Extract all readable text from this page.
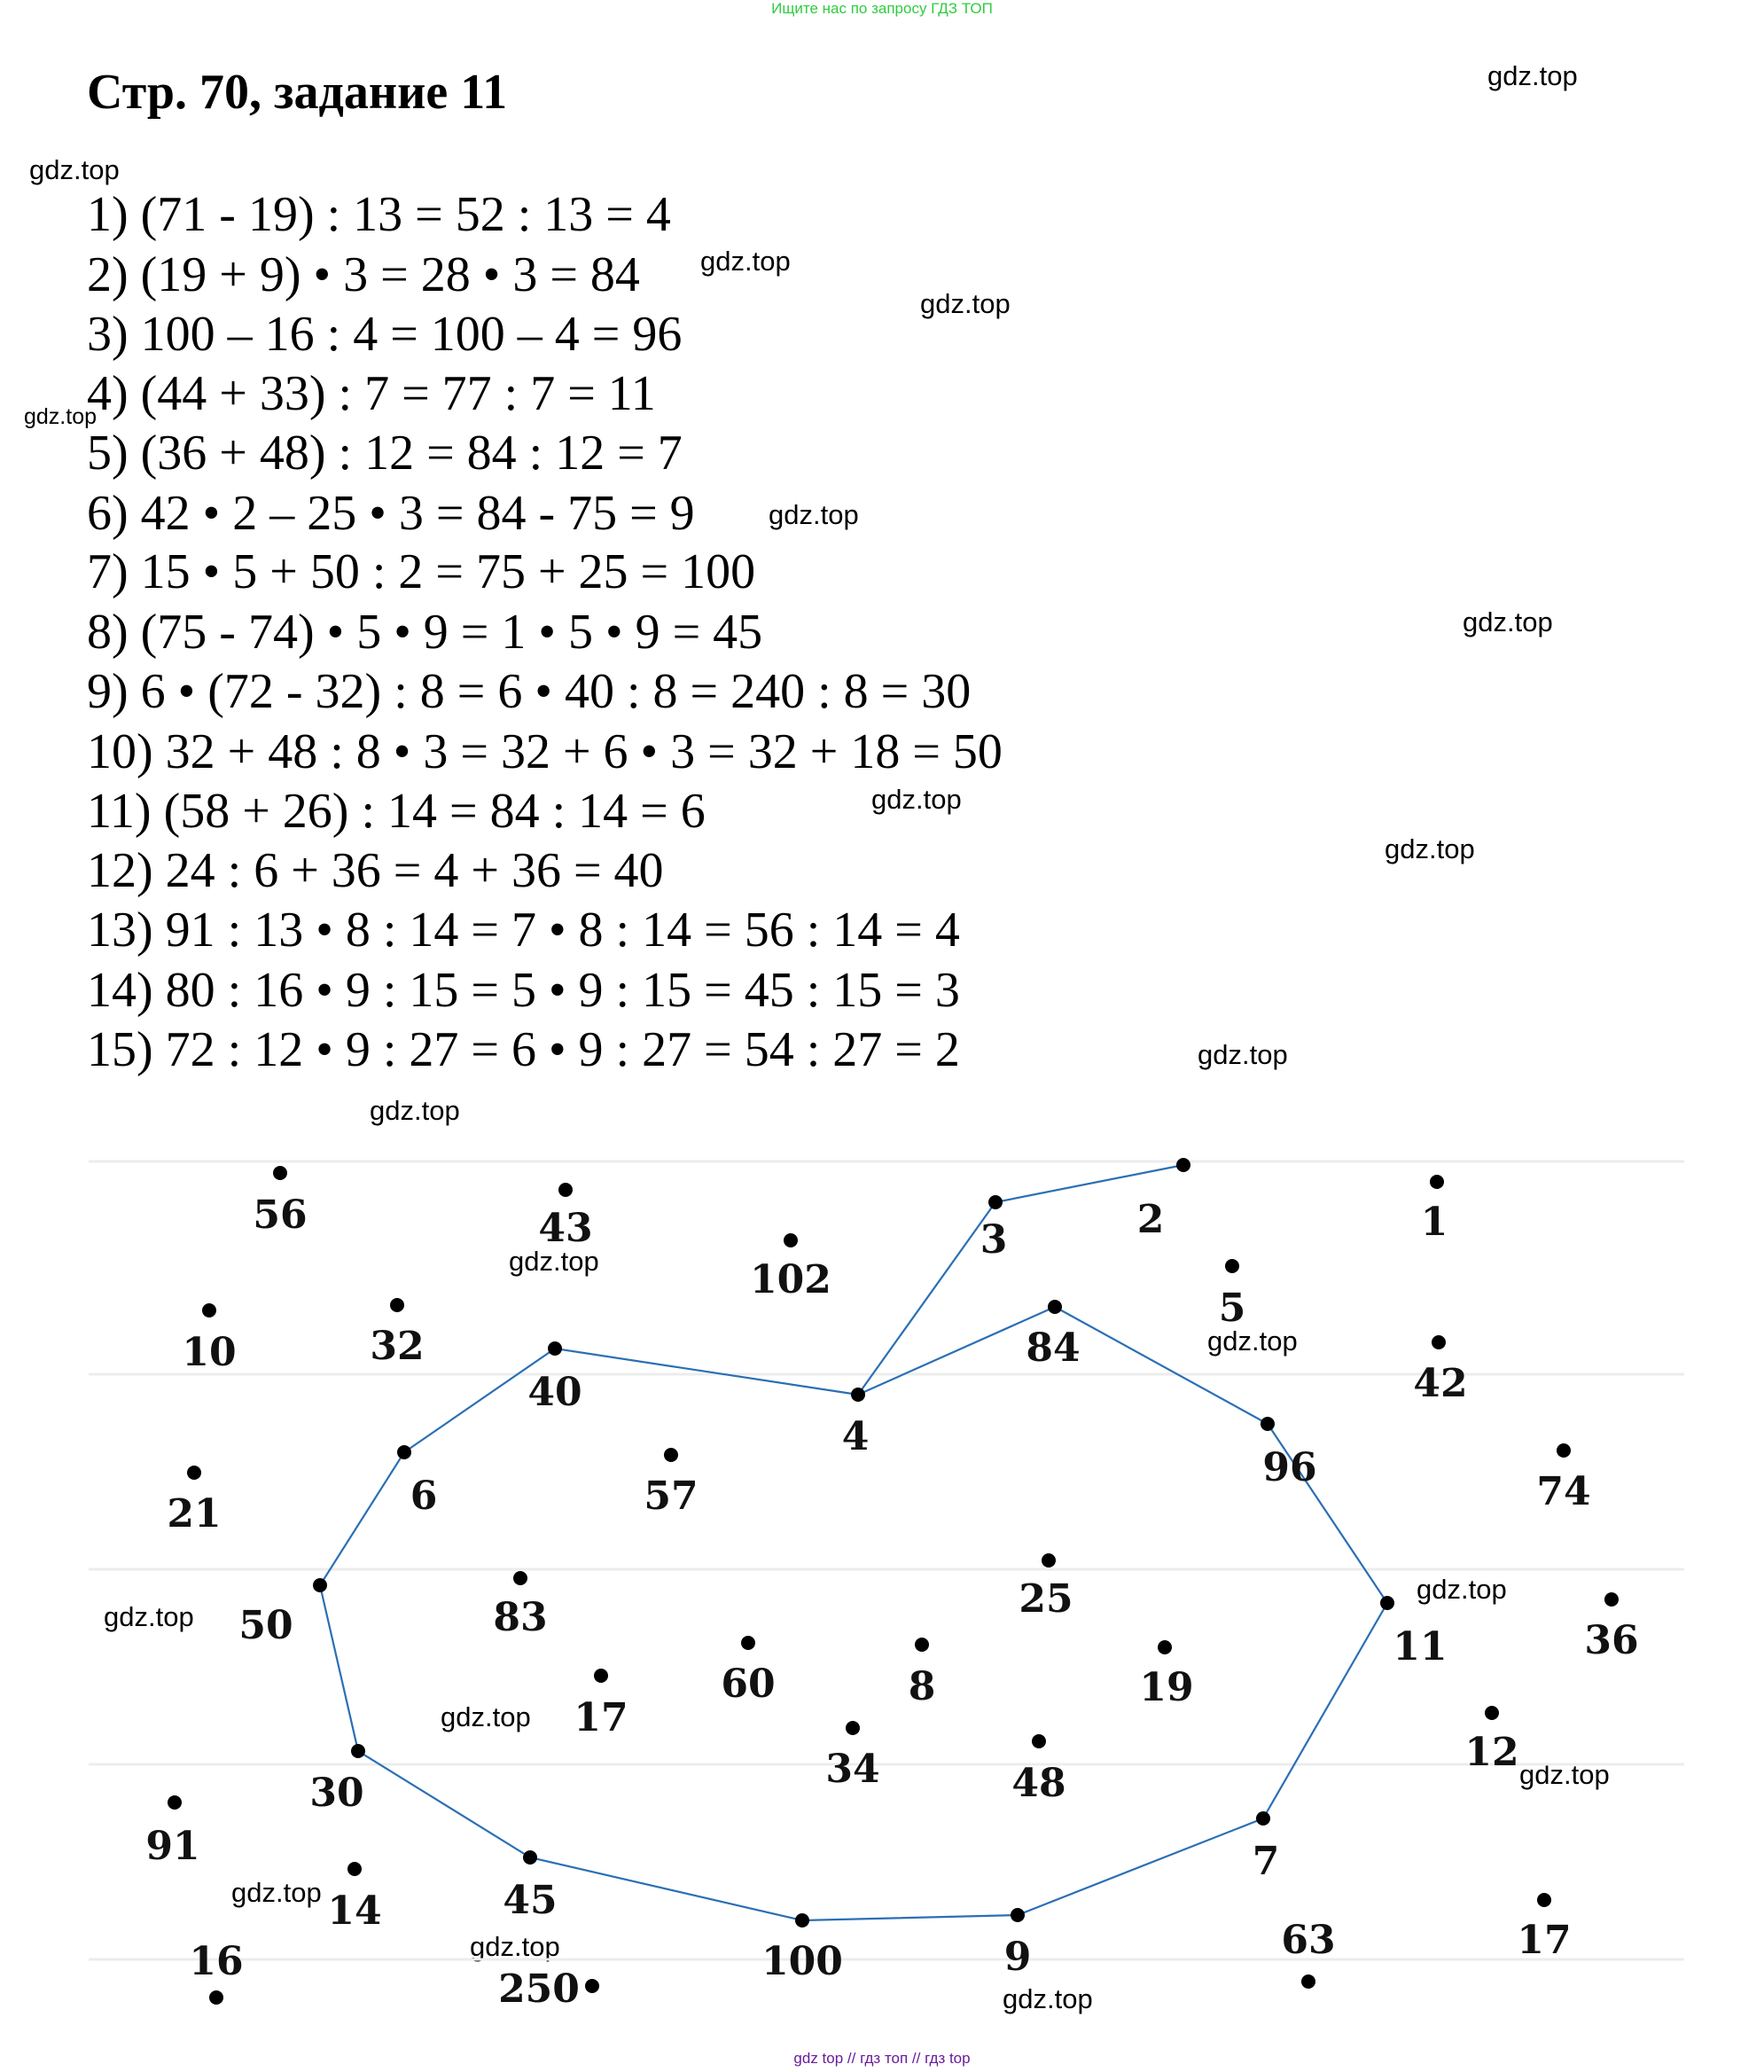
Ищите нас по запросу ГДЗ ТОП
Стр. 70, задание 11
1) (71 - 19) : 13 = 52 : 13 = 4
2) (19 + 9) • 3 = 28 • 3 = 84
3) 100 – 16 : 4 = 100 – 4 = 96
4) (44 + 33) : 7 = 77 : 7 = 11
5) (36 + 48) : 12 = 84 : 12 = 7
6) 42 • 2 – 25 • 3 = 84 - 75 = 9
7) 15 • 5 + 50 : 2 = 75 + 25 = 100
8) (75 - 74) • 5 • 9 = 1 • 5 • 9 = 45
9) 6 • (72 - 32) : 8 = 6 • 40 : 8 = 240 : 8 = 30
10) 32 + 48 : 8 • 3 = 32 + 6 • 3 = 32 + 18 = 50
11) (58 + 26) : 14 = 84 : 14 = 6
12) 24 : 6 + 36 = 4 + 36 = 40
13) 91 : 13 • 8 : 14 = 7 • 8 : 14 = 56 : 14 = 4
14) 80 : 16 • 9 : 15 = 5 • 9 : 15 = 45 : 15 = 3
15) 72 : 12 • 9 : 27 = 6 • 9 : 27 = 54 : 27 = 2
gdz.top
gdz.top
gdz.top
gdz.top
gdz.top
gdz.top
gdz.top
gdz.top
gdz.top
gdz.top
gdz.top
gdz.top
gdz.top
gdz.top
gdz.top
gdz.top
gdz.top
gdz.top
gdz.top
gdz.top
56	43
102
3	2	1
10	32
40
4
84
5
96
42
21	6	57	74
83	25
50
60	8	19
11	36
17
12
30
34	48
7
91
14	45
100	9	63	17
16
250
gdz top // гдз топ // гдз top
